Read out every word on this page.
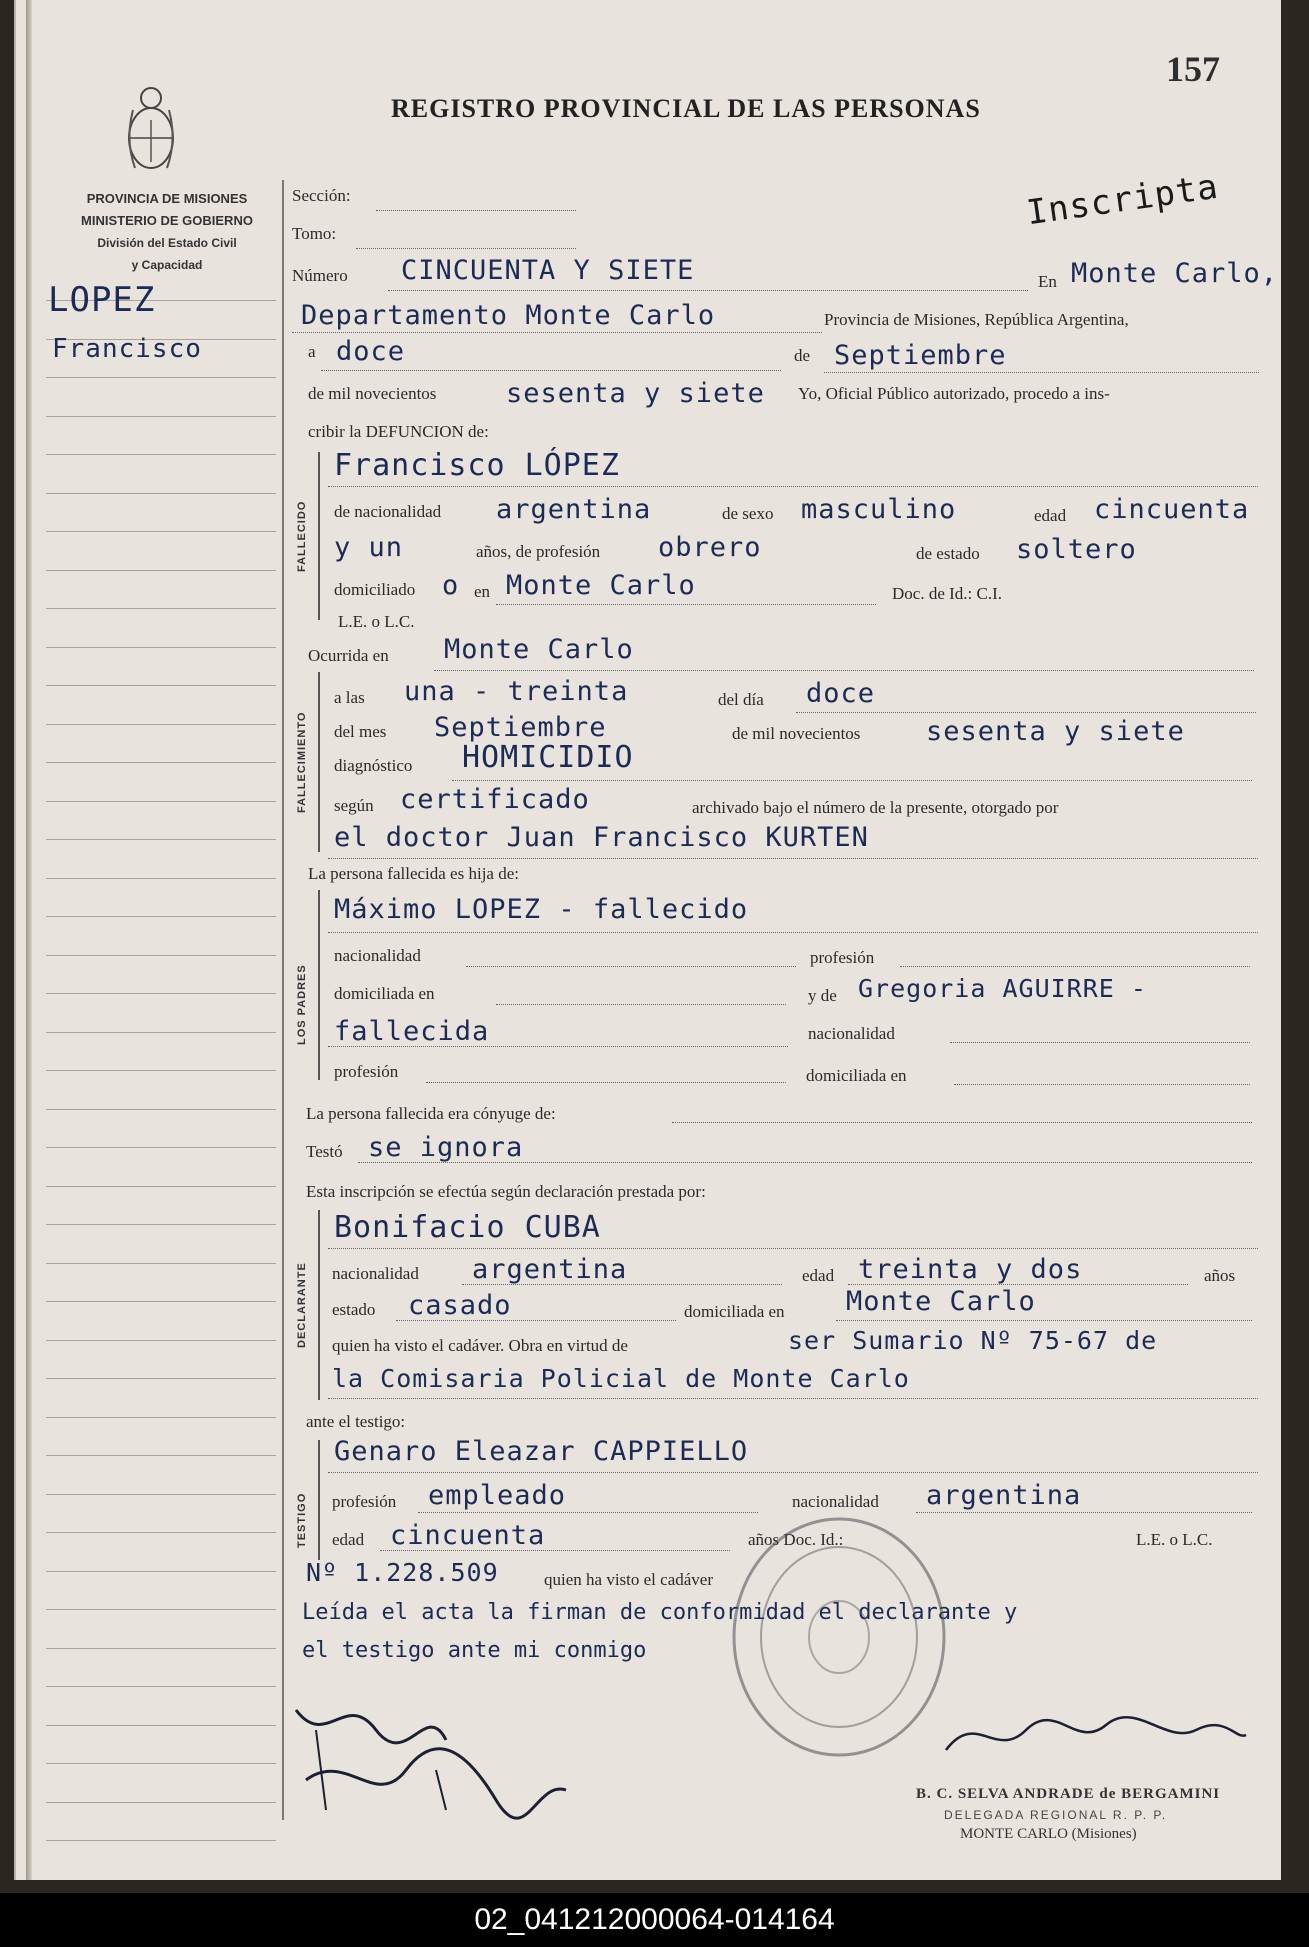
PROVINCIA DE MISIONES
MINISTERIO DE GOBIERNO
División del Estado Civil
y Capacidad
LOPEZ
Francisco
157
REGISTRO PROVINCIAL DE LAS PERSONAS
Inscripta
Sección:
Tomo:
Número CINCUENTA Y SIETE	En Monte Carlo,
Departamento Monte Carlo	Provincia de Misiones, República Argentina,
a doce	de Septiembre
de mil novecientos	sesenta y siete Yo, Oficial Público autorizado, procedo a ins-
cribir la DEFUNCION de:
FALLECIDO
Francisco LÓPEZ
de nacionalidad argentina	de sexo masculino	edad cincuenta
y un	años, de profesión obrero	de estado soltero
domiciliado o en Monte Carlo	Doc. de Id.: C.I.
L.E. o L.C.
Ocurrida en Monte Carlo
FALLECIMIENTO
a las una - treinta	del día doce
del mes Septiembre	de mil novecientos sesenta y siete
diagnóstico HOMICIDIO
según certificado	archivado bajo el número de la presente, otorgado por
el doctor Juan Francisco KURTEN
La persona fallecida es hija de:
LOS PADRES
Máximo LOPEZ - fallecido
nacionalidad	profesión
domiciliada en	y de Gregoria AGUIRRE -
fallecida	nacionalidad
profesión	domiciliada en
La persona fallecida era cónyuge de:
Testó se ignora
Esta inscripción se efectúa según declaración prestada por:
DECLARANTE
Bonifacio CUBA
nacionalidad argentina	edad treinta y dos	años
estado casado	domiciliada en Monte Carlo
quien ha visto el cadáver. Obra en virtud de	ser Sumario Nº 75-67 de
la Comisaria Policial de Monte Carlo
ante el testigo:
TESTIGO
Genaro Eleazar CAPPIELLO
profesión empleado	nacionalidad argentina
edad cincuenta	años Doc. Id.:	L.E. o L.C.
Nº 1.228.509	quien ha visto el cadáver
Leída el acta la firman de conformidad el declarante y
el testigo ante mi conmigo
B. C. SELVA ANDRADE de BERGAMINI
DELEGADA REGIONAL R. P. P.
MONTE CARLO (Misiones)
02_041212000064-014164
